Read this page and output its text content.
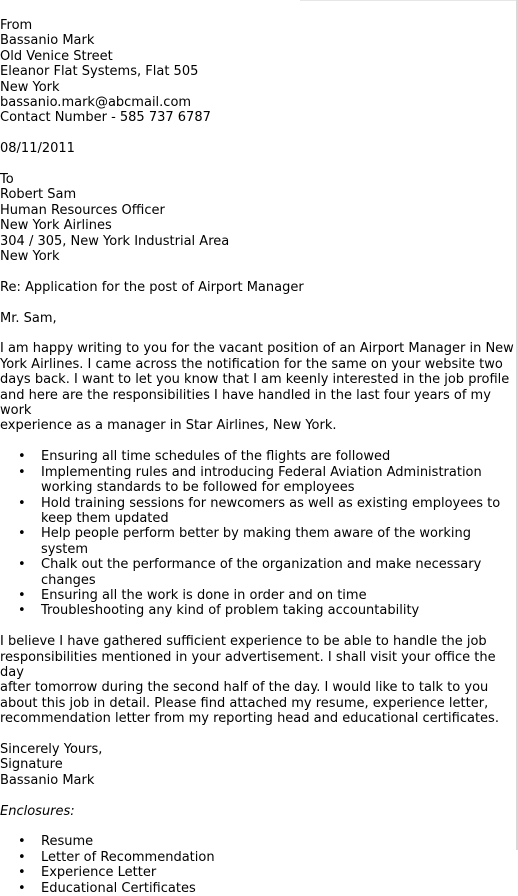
From

Bassanio Mark

Old Venice Street

Eleanor Flat Systems, Flat 505

New York

bassanio.mark@abcmail.com

Contact Number - 585 737 6787

08/11/2011

To

Robert Sam

Human Resources Officer

New York Airlines

304 / 305, New York Industrial Area

New York

Re: Application for the post of Airport Manager

Mr. Sam,

I am happy writing to you for the vacant position of an Airport Manager in New
York Airlines. I came across the notification for the same on your website two
days back. I want to let you know that I am keenly interested in the job profile
and here are the responsibilities I have handled in the last four years of my work
experience as a manager in Star Airlines, New York.

• Ensuring all time schedules of the flights are followed
• Implementing rules and introducing Federal Aviation Administration
working standards to be followed for employees
• Hold training sessions for newcomers as well as existing employees to
keep them updated
• Help people perform better by making them aware of the working system
• Chalk out the performance of the organization and make necessary
changes
• Ensuring all the work is done in order and on time
• Troubleshooting any kind of problem taking accountability

I believe I have gathered sufficient experience to be able to handle the job
responsibilities mentioned in your advertisement. I shall visit your office the day
after tomorrow during the second half of the day. I would like to talk to you
about this job in detail. Please find attached my resume, experience letter,
recommendation letter from my reporting head and educational certificates.

Sincerely Yours,

Signature

Bassanio Mark

Enclosures:

• Resume
• Letter of Recommendation
• Experience Letter
• Educational Certificates
